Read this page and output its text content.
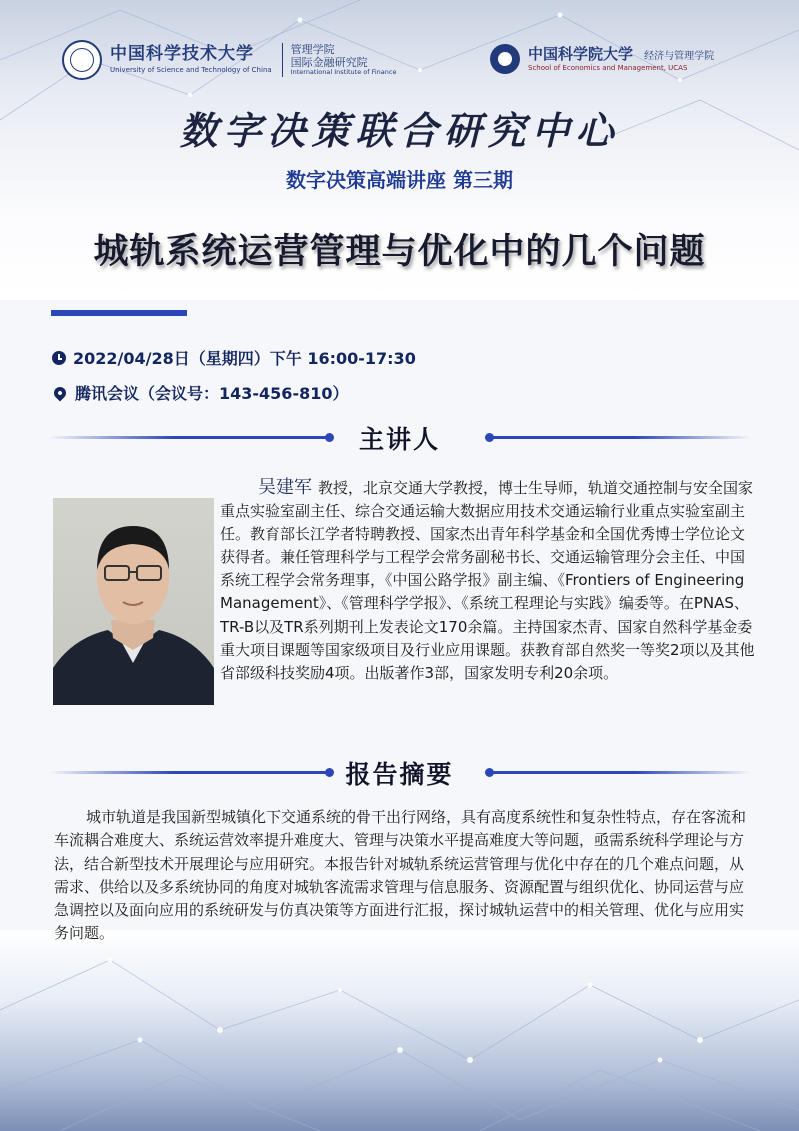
中国科学技术大学
University of Science and Technology of China
管理学院
国际金融研究院
International Institute of Finance
中国科学院大学 经济与管理学院
School of Economics and Management, UCAS
数字决策联合研究中心
数字决策高端讲座 第三期
城轨系统运营管理与优化中的几个问题
2022/04/28日（星期四）下午 16:00-17:30
腾讯会议（会议号：143-456-810）
主讲人
吴建军 教授，北京交通大学教授，博士生导师，轨道交通控制与安全国家重点实验室副主任、综合交通运输大数据应用技术交通运输行业重点实验室副主任。教育部长江学者特聘教授、国家杰出青年科学基金和全国优秀博士学位论文获得者。兼任管理科学与工程学会常务副秘书长、交通运输管理分会主任、中国系统工程学会常务理事，《中国公路学报》副主编、《Frontiers of Engineering Management》、《管理科学学报》、《系统工程理论与实践》编委等。在PNAS、TR-B以及TR系列期刊上发表论文170余篇。主持国家杰青、国家自然科学基金委重大项目课题等国家级项目及行业应用课题。获教育部自然奖一等奖2项以及其他省部级科技奖励4项。出版著作3部，国家发明专利20余项。
报告摘要
城市轨道是我国新型城镇化下交通系统的骨干出行网络，具有高度系统性和复杂性特点，存在客流和车流耦合难度大、系统运营效率提升难度大、管理与决策水平提高难度大等问题，亟需系统科学理论与方法，结合新型技术开展理论与应用研究。本报告针对城轨系统运营管理与优化中存在的几个难点问题，从需求、供给以及多系统协同的角度对城轨客流需求管理与信息服务、资源配置与组织优化、协同运营与应急调控以及面向应用的系统研发与仿真决策等方面进行汇报，探讨城轨运营中的相关管理、优化与应用实务问题。
